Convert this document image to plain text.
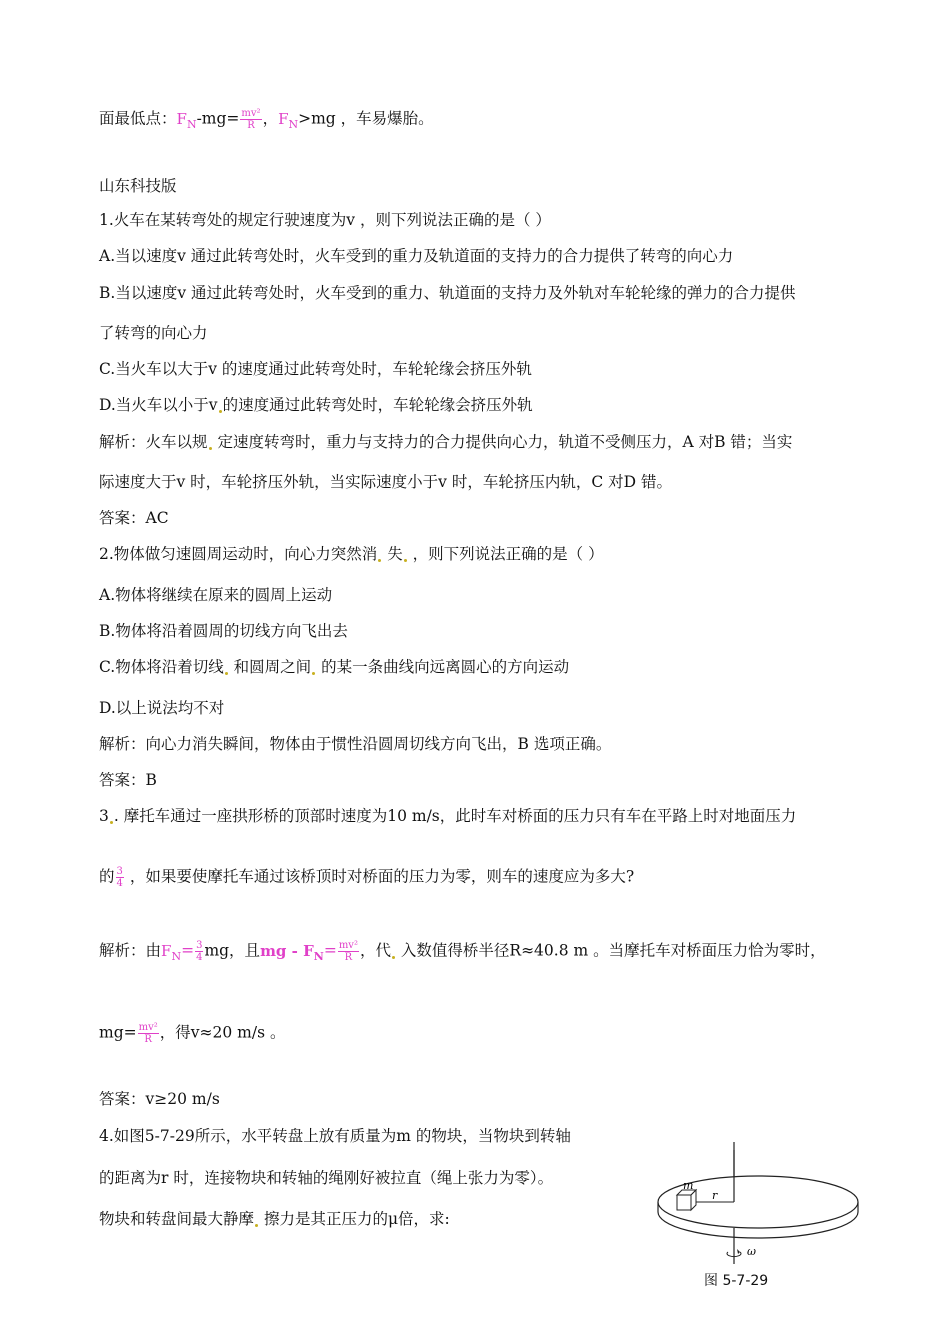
面最低点：$F_N-mg= \frac{\text{mv²}}{R}$ ，$F_N>mg$ ，车易爆胎。
山东科技版
1.火车在某转弯处的规定行驶速度为v ，则下列说法正确的是（ ）
A.当以速度v 通过此转弯处时，火车受到的重力及轨道面的支持力的合力提供了转弯的向心力
B.当以速度v 通过此转弯处时，火车受到的重力、轨道面的支持力及外轨对车轮轮缘的弹力的合力提供
了转弯的向心力
C.当火车以大于v 的速度通过此转弯处时，车轮轮缘会挤压外轨
D.当火车以小于v 的速度通过此转弯处时，车轮轮缘会挤压外轨
解析：火车以规 定速度转弯时，重力与支持力的合力提供向心力，轨道不受侧压力，A 对B 错；当实
际速度大于v 时，车轮挤压外轨，当实际速度小于v 时，车轮挤压内轨，C 对D 错。
答案：AC
2.物体做匀速圆周运动时，向心力突然消 失 ，则下列说法正确的是（ ）
A.物体将继续在原来的圆周上运动
B.物体将沿着圆周的切线方向飞出去
C.物体将沿着切线 和圆周之间 的某一条曲线向远离圆心的方向运动
D.以上说法均不对
解析：向心力消失瞬间，物体由于惯性沿圆周切线方向飞出，B 选项正确。
答案：B
3 . 摩托车通过一座拱形桥的顶部时速度为10 m/s，此时车对桥面的压力只有车在平路上时对地面压力
的 $\frac{3}{4}$ ，如果要使摩托车通过该桥顶时对桥面的压力为零，则车的速度应为多大?
解析：由$F_N= \frac{3}{4}$ mg，且mg - $F_N= \frac{\text{mv²}}{R}$ ，代 入数值得桥半径R≈40.8 m 。当摩托车对桥面压力恰为零时，
$mg= \frac{\text{mv²}}{R}$ ，得v≈20 m/s 。
答案：v≥20 m/s
4.如图5-7-29所示，水平转盘上放有质量为m 的物块，当物块到转轴
的距离为r 时，连接物块和转轴的绳刚好被拉直（绳上张力为零）。
物块和转盘间最大静摩 擦力是其正压力的μ倍，求:
m
r
ω
图 5-7-29
